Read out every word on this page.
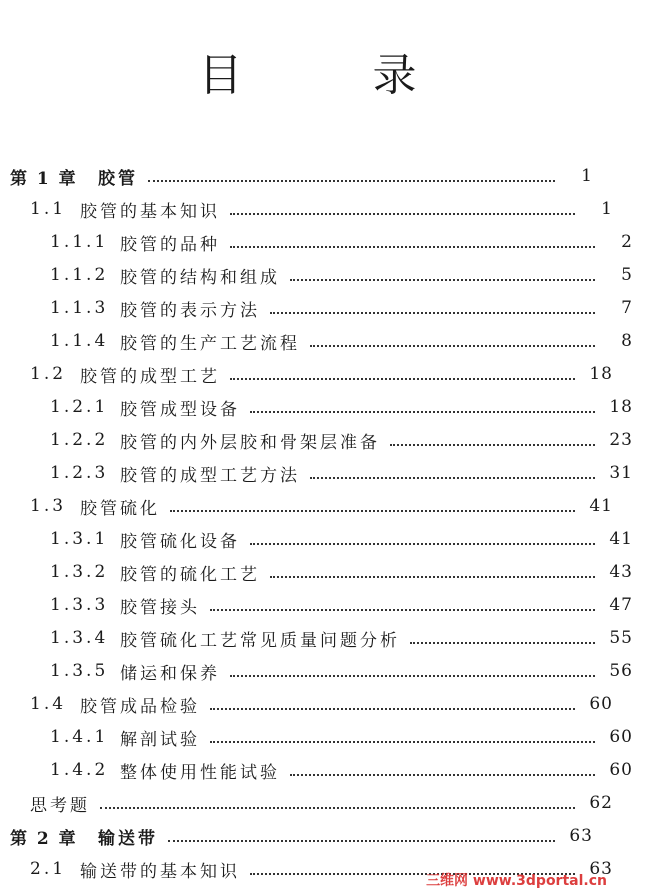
目 录
第 1 章	胶管	1
1.1 胶管的基本知识	1
1.1.1 胶管的品种	2
1.1.2 胶管的结构和组成	5
1.1.3 胶管的表示方法	7
1.1.4 胶管的生产工艺流程	8
1.2 胶管的成型工艺	18
1.2.1 胶管成型设备	18
1.2.2 胶管的内外层胶和骨架层准备	23
1.2.3 胶管的成型工艺方法	31
1.3 胶管硫化	41
1.3.1 胶管硫化设备	41
1.3.2 胶管的硫化工艺	43
1.3.3 胶管接头	47
1.3.4 胶管硫化工艺常见质量问题分析	55
1.3.5 储运和保养	56
1.4 胶管成品检验	60
1.4.1 解剖试验	60
1.4.2 整体使用性能试验	60
思考题	62
第 2 章	输送带	63
2.1 输送带的基本知识	63
三维网 www.3dportal.cn
